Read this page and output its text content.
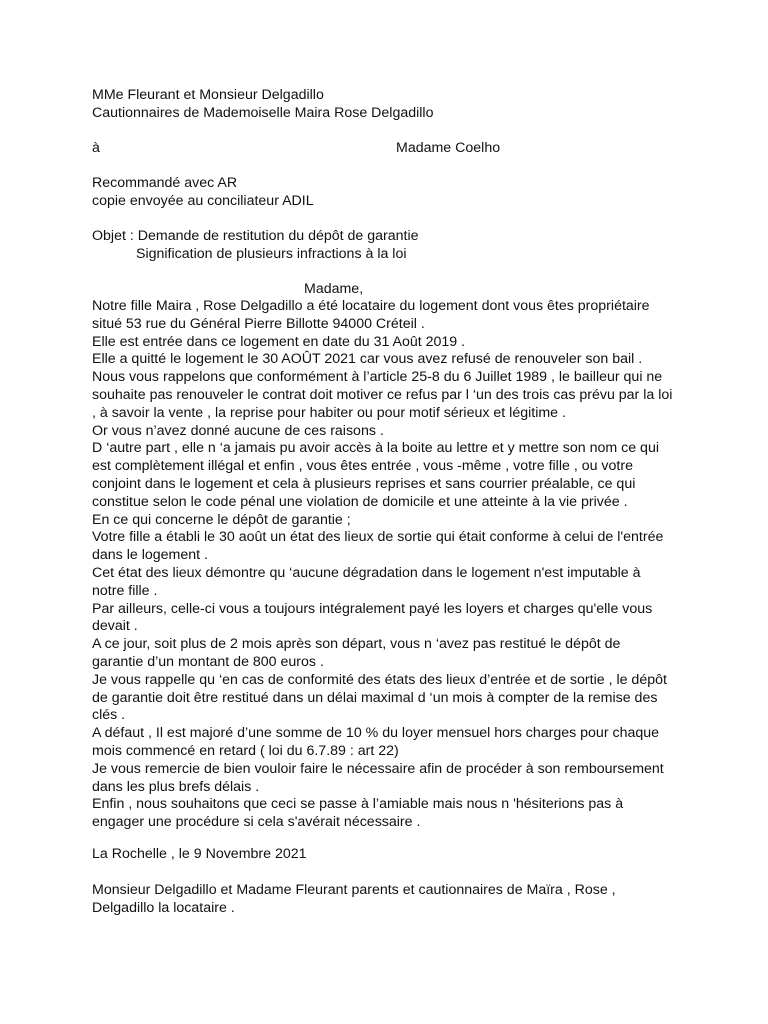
MMe Fleurant et Monsieur Delgadillo
Cautionnaires de Mademoiselle Maira Rose Delgadillo
à	Madame Coelho
Recommandé avec AR
copie envoyée au conciliateur ADIL
Objet : Demande de restitution du dépôt de garantie
Signification de plusieurs infractions à la loi
Madame,
Notre fille Maira , Rose Delgadillo a été locataire du logement dont vous êtes propriétaire
situé 53 rue du Général Pierre Billotte 94000 Créteil .
Elle est entrée dans ce logement en date du 31 Août 2019 .
Elle a quitté le logement le 30 AOÛT 2021 car vous avez refusé de renouveler son bail .
Nous vous rappelons que conformément à l’article 25-8 du 6 Juillet 1989 , le bailleur qui ne
souhaite pas renouveler le contrat doit motiver ce refus par l ‘un des trois cas prévu par la loi
, à savoir la vente , la reprise pour habiter ou pour motif sérieux et légitime .
Or vous n’avez donné aucune de ces raisons .
D ‘autre part , elle n ‘a jamais pu avoir accès à la boite au lettre et y mettre son nom ce qui
est complètement illégal et enfin , vous êtes entrée , vous -même , votre fille , ou votre
conjoint dans le logement et cela à plusieurs reprises et sans courrier préalable, ce qui
constitue selon le code pénal une violation de domicile et une atteinte à la vie privée .
En ce qui concerne le dépôt de garantie ;
Votre fille a établi le 30 août un état des lieux de sortie qui était conforme à celui de l'entrée
dans le logement .
Cet état des lieux démontre qu ‘aucune dégradation dans le logement n'est imputable à
notre fille .
Par ailleurs, celle-ci vous a toujours intégralement payé les loyers et charges qu'elle vous
devait .
A ce jour, soit plus de 2 mois après son départ, vous n ‘avez pas restitué le dépôt de
garantie d’un montant de 800 euros .
Je vous rappelle qu ‘en cas de conformité des états des lieux d’entrée et de sortie , le dépôt
de garantie doit être restitué dans un délai maximal d ‘un mois à compter de la remise des
clés .
A défaut , Il est majoré d’une somme de 10 % du loyer mensuel hors charges pour chaque
mois commencé en retard ( loi du 6.7.89 : art 22)
Je vous remercie de bien vouloir faire le nécessaire afin de procéder à son remboursement
dans les plus brefs délais .
Enfin , nous souhaitons que ceci se passe à l’amiable mais nous n 'hésiterions pas à
engager une procédure si cela s'avérait nécessaire .
La Rochelle , le 9 Novembre 2021
Monsieur Delgadillo et Madame Fleurant parents et cautionnaires de Maïra , Rose ,
Delgadillo la locataire .
